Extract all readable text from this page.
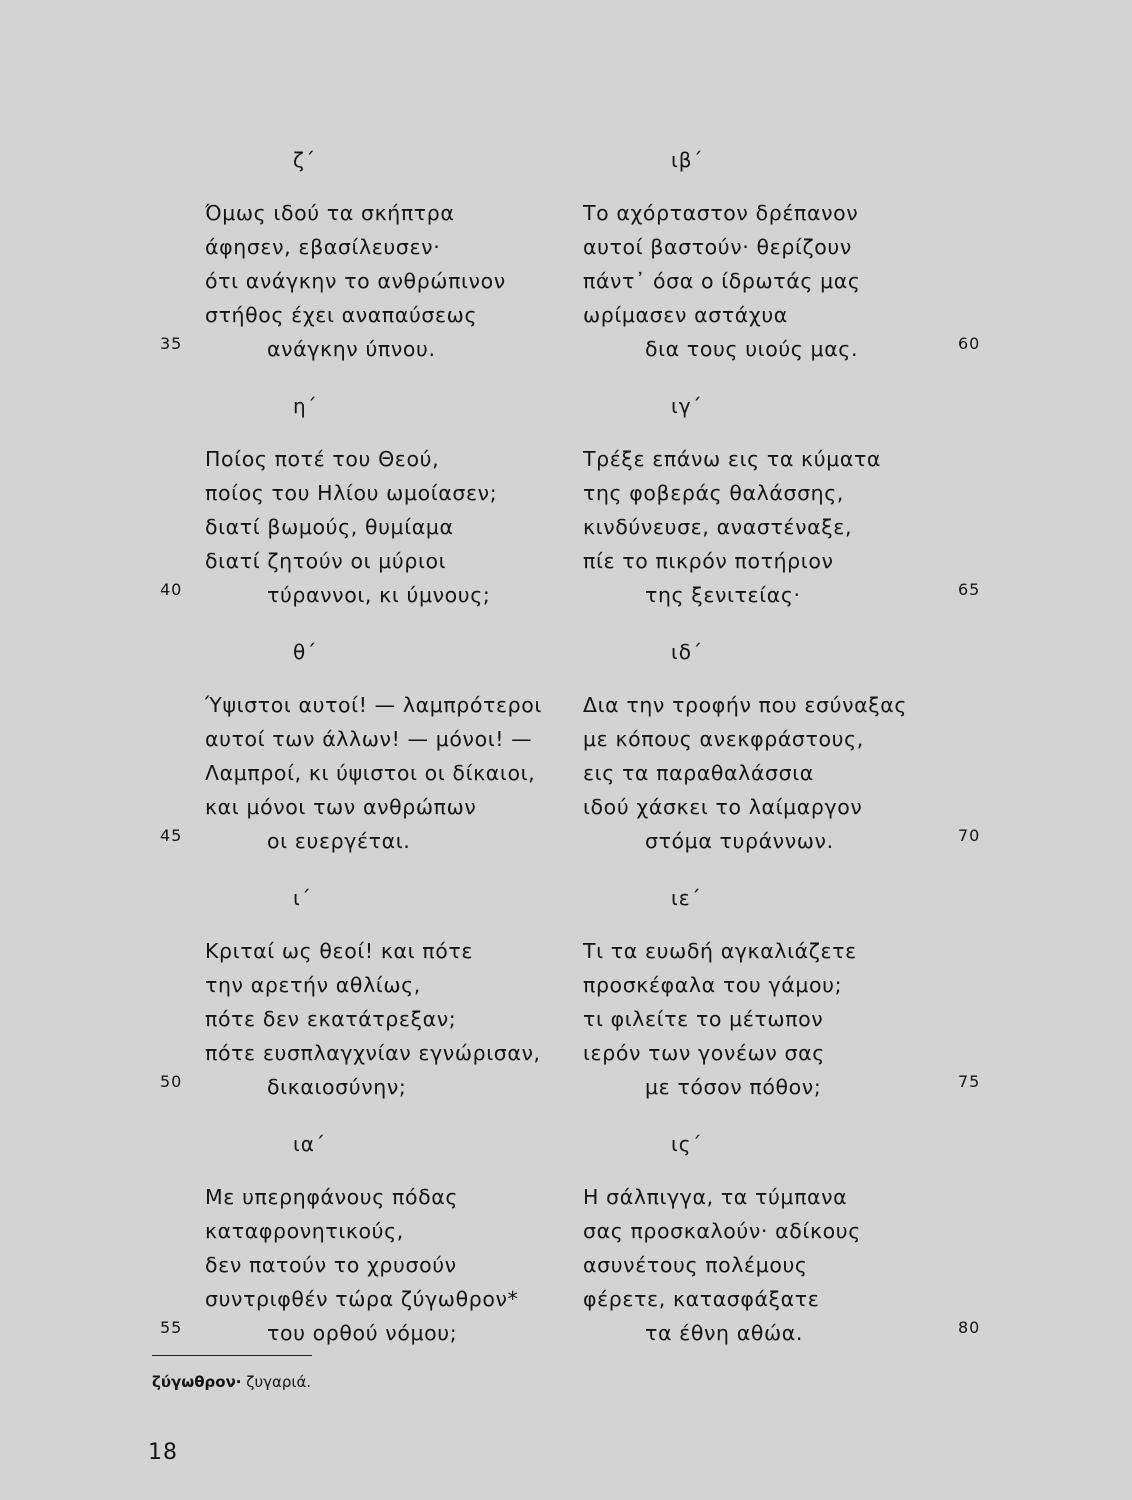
ζ΄
Όμως ιδού τα σκήπτρα
άφησεν, εβασίλευσεν·
ότι ανάγκην το ανθρώπινον
στήθος έχει αναπαύσεως
ανάγκην ύπνου.
η΄
Ποίος ποτέ του Θεού,
ποίος του Ηλίου ωμοίασεν;
διατί βωμούς, θυμίαμα
διατί ζητούν οι μύριοι
τύραννοι, κι ύμνους;
θ΄
Ύψιστοι αυτοί! — λαμπρότεροι
αυτοί των άλλων! — μόνοι! —
Λαμπροί, κι ύψιστοι οι δίκαιοι,
και μόνοι των ανθρώπων
οι ευεργέται.
ι΄
Κριταί ως θεοί! και πότε
την αρετήν αθλίως,
πότε δεν εκατάτρεξαν;
πότε ευσπλαγχνίαν εγνώρισαν,
δικαιοσύνην;
ια΄
Με υπερηφάνους πόδας
καταφρονητικούς,
δεν πατούν το χρυσούν
συντριφθέν τώρα ζύγωθρον*
του ορθού νόμου;
ιβ΄
Το αχόρταστον δρέπανον
αυτοί βαστούν· θερίζουν
πάντ᾿ όσα ο ίδρωτάς μας
ωρίμασεν αστάχυα
δια τους υιούς μας.
ιγ΄
Τρέξε επάνω εις τα κύματα
της φοβεράς θαλάσσης,
κινδύνευσε, αναστέναξε,
πίε το πικρόν ποτήριον
της ξενιτείας·
ιδ΄
Δια την τροφήν που εσύναξας
με κόπους ανεκφράστους,
εις τα παραθαλάσσια
ιδού χάσκει το λαίμαργον
στόμα τυράννων.
ιε΄
Τι τα ευωδή αγκαλιάζετε
προσκέφαλα του γάμου;
τι φιλείτε το μέτωπον
ιερόν των γονέων σας
με τόσον πόθον;
ις΄
Η σάλπιγγα, τα τύμπανα
σας προσκαλούν· αδίκους
ασυνέτους πολέμους
φέρετε, κατασφάξατε
τα έθνη αθώα.
35
40
45
50
55
60
65
70
75
80
ζύγωθρον· ζυγαριά.
18
